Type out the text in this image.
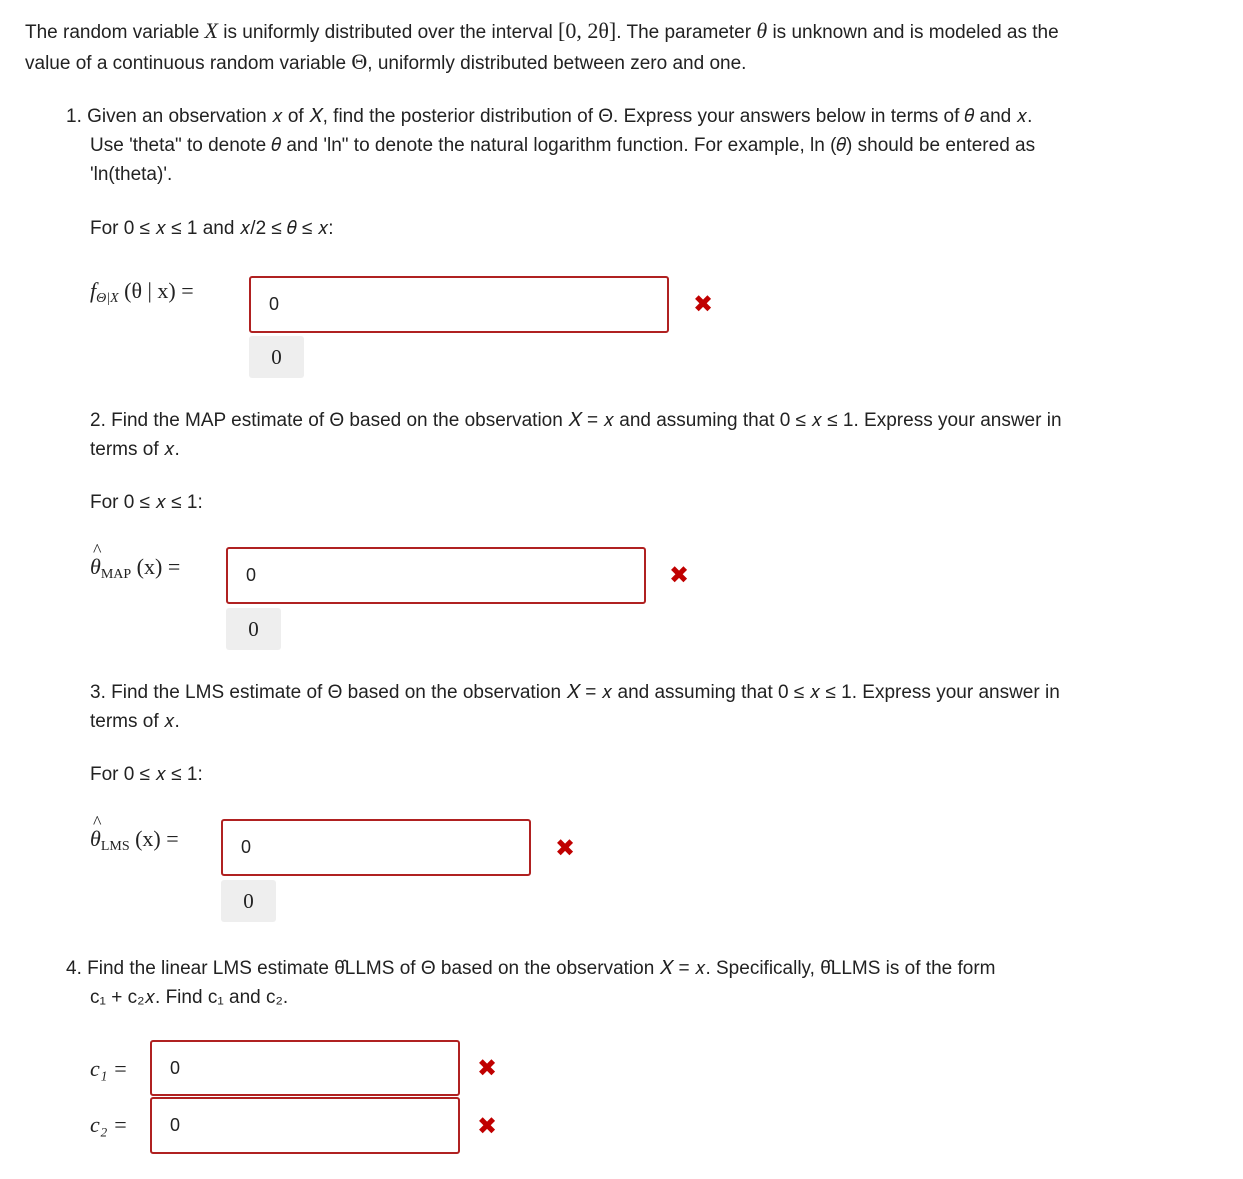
The random variable X is uniformly distributed over the interval [0, 2θ]. The parameter θ is unknown and is modeled as the
value of a continuous random variable Θ, uniformly distributed between zero and one.
1. Given an observation 𝑥 of 𝑋, find the posterior distribution of Θ. Express your answers below in terms of 𝜃 and 𝑥.
Use 'theta" to denote 𝜃 and 'ln" to denote the natural logarithm function. For example, ln (𝜃) should be entered as
'ln(theta)'.
For 0 ≤ 𝑥 ≤ 1 and 𝑥/2 ≤ 𝜃 ≤ 𝑥:
$f_{\Theta|X}$ (θ | x) =
0	✖
0
2. Find the MAP estimate of Θ based on the observation 𝑋 = 𝑥 and assuming that 0 ≤ 𝑥 ≤ 1. Express your answer in
terms of 𝑥.
For 0 ≤ 𝑥 ≤ 1:
^ $\theta_{MAP}$ (x) =	0	✖
0
3. Find the LMS estimate of Θ based on the observation 𝑋 = 𝑥 and assuming that 0 ≤ 𝑥 ≤ 1. Express your answer in
terms of 𝑥.
For 0 ≤ 𝑥 ≤ 1:
^ $\theta_{LMS}$ (x) =	0	✖
0
4. Find the linear LMS estimate θ̂LLMS of Θ based on the observation 𝑋 = 𝑥. Specifically, θ̂LLMS is of the form
c₁ + c₂𝑥. Find c₁ and c₂.
c₁ =	0	✖
c₂ =	0	✖
